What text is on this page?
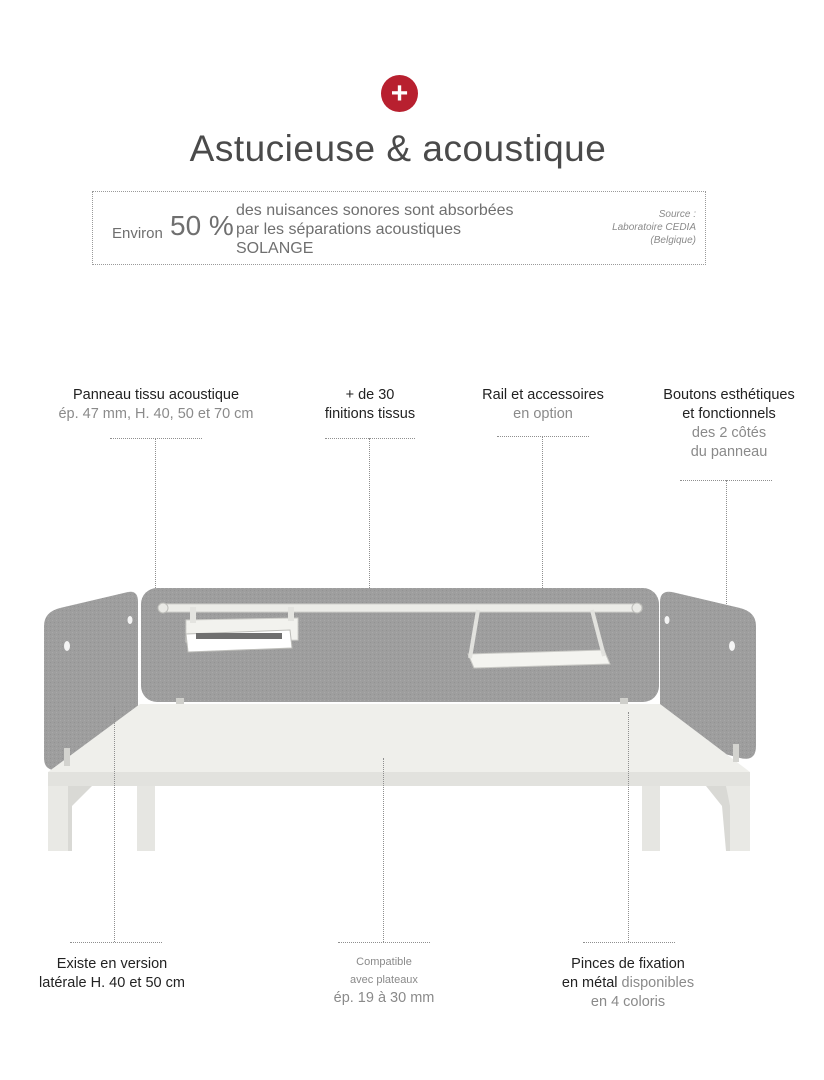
+
Astucieuse & acoustique
Environ 50 % des nuisances sonores sont absorbées
par les séparations acoustiques
SOLANGE
Source :
Laboratoire CEDIA
(Belgique)
Panneau tissu acoustique
ép. 47 mm, H. 40, 50 et 70 cm
+ de 30
finitions tissus
Rail et accessoires
en option
Boutons esthétiques
et fonctionnels
des 2 côtés
du panneau
Existe en version
latérale H. 40 et 50 cm
Compatible
avec plateaux
ép. 19 à 30 mm
Pinces de fixation
en métal disponibles
en 4 coloris
